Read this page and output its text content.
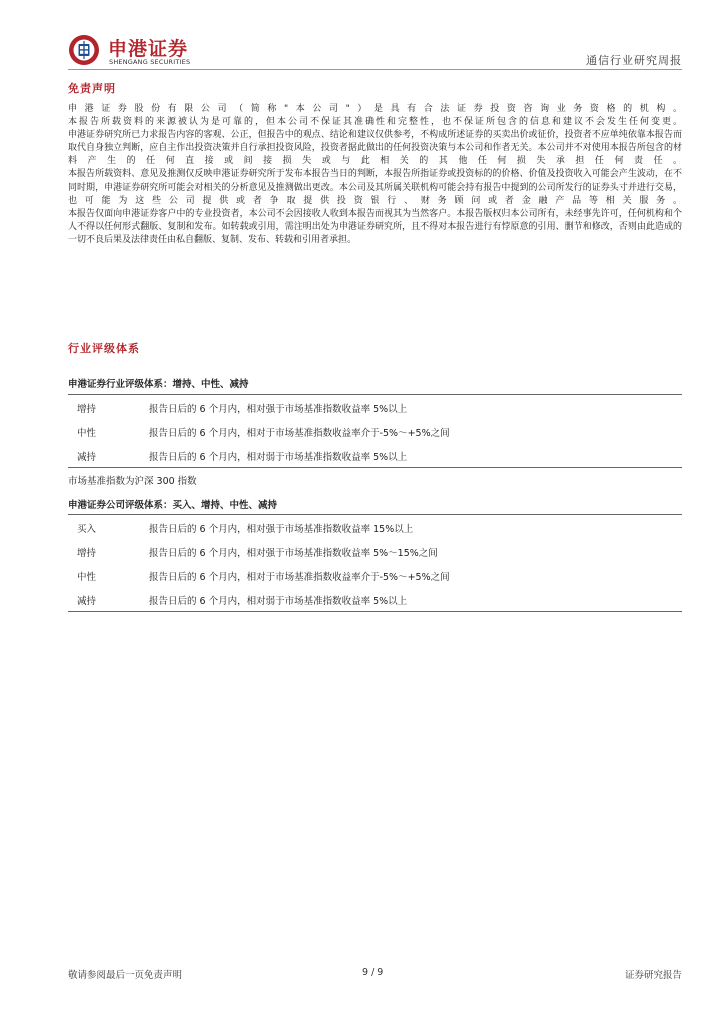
申港证券
SHENGANG SECURITIES	通信行业研究周报
免责声明

申港证券股份有限公司（简称"本公司"）是具有合法证券投资咨询业务资格的机构。

本报告所载资料的来源被认为是可靠的，但本公司不保证其准确性和完整性，也不保证所包含的信息和建议不会发生任何变更。

申港证券研究所已力求报告内容的客观、公正，但报告中的观点、结论和建议仅供参考，不构成所述证券的买卖出价或征价，投资者不应单纯依靠本报告而取代自身独立判断，应自主作出投资决策并自行承担投资风险，投资者据此做出的任何投资决策与本公司和作者无关。本公司并不对使用本报告所包含的材料产生的任何直接或间接损失或与此相关的其他任何损失承担任何责任。

本报告所载资料、意见及推测仅反映申港证券研究所于发布本报告当日的判断，本报告所指证券或投资标的的价格、价值及投资收入可能会产生波动，在不同时期，申港证券研究所可能会对相关的分析意见及推测做出更改。本公司及其所属关联机构可能会持有报告中提到的公司所发行的证券头寸并进行交易，也可能为这些公司提供或者争取提供投资银行、财务顾问或者金融产品等相关服务。

本报告仅面向申港证券客户中的专业投资者，本公司不会因接收人收到本报告而视其为当然客户。本报告版权归本公司所有，未经事先许可，任何机构和个人不得以任何形式翻版、复制和发布。如转载或引用，需注明出处为申港证券研究所，且不得对本报告进行有悖原意的引用、删节和修改，否则由此造成的一切不良后果及法律责任由私自翻版、复制、发布、转载和引用者承担。

行业评级体系
申港证券行业评级体系：增持、中性、减持
增持	报告日后的 6 个月内，相对强于市场基准指数收益率 5%以上
中性	报告日后的 6 个月内，相对于市场基准指数收益率介于-5%～+5%之间
减持	报告日后的 6 个月内，相对弱于市场基准指数收益率 5%以上
市场基准指数为沪深 300 指数
申港证券公司评级体系：买入、增持、中性、减持
买入	报告日后的 6 个月内，相对强于市场基准指数收益率 15%以上
增持	报告日后的 6 个月内，相对强于市场基准指数收益率 5%～15%之间
中性	报告日后的 6 个月内，相对于市场基准指数收益率介于-5%～+5%之间
减持	报告日后的 6 个月内，相对弱于市场基准指数收益率 5%以上
敬请参阅最后一页免责声明	9 / 9	证券研究报告
